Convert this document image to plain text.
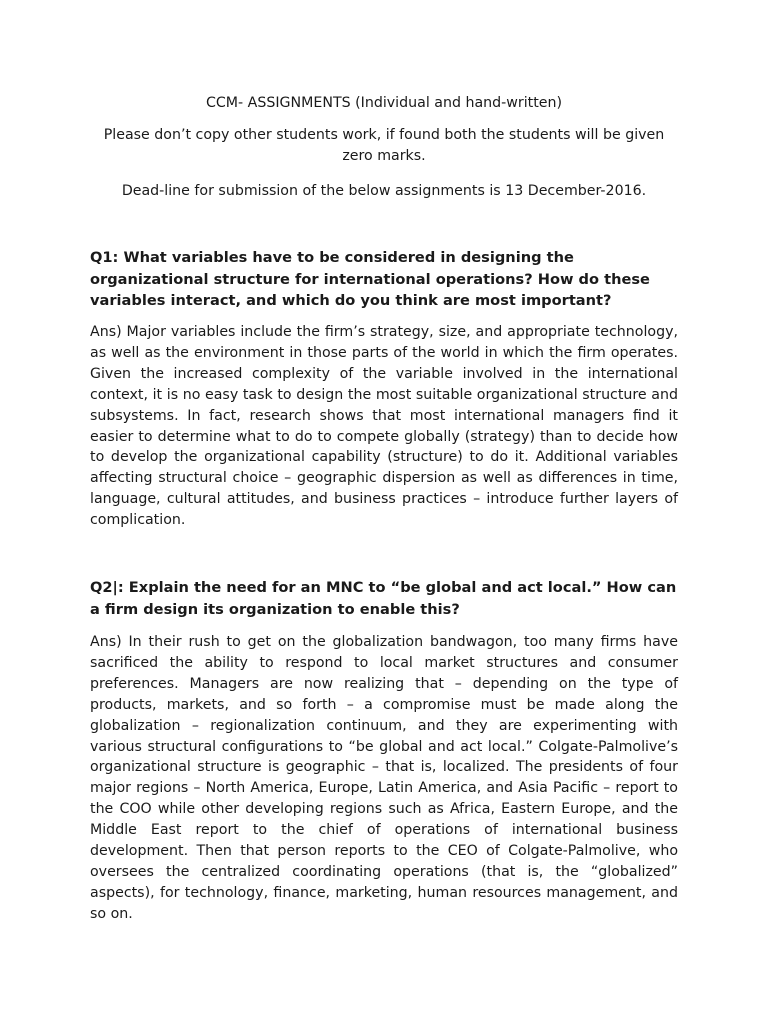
CCM- ASSIGNMENTS (Individual and hand-written)

Please don’t copy other students work, if found both the students will be given zero marks.

Dead-line for submission of the below assignments is 13 December-2016.

Q1: What variables have to be considered in designing the organizational structure for international operations? How do these variables interact, and which do you think are most important?

Ans) Major variables include the firm’s strategy, size, and appropriate technology, as well as the environment in those parts of the world in which the firm operates. Given the increased complexity of the variable involved in the international context, it is no easy task to design the most suitable organizational structure and subsystems. In fact, research shows that most international managers find it easier to determine what to do to compete globally (strategy) than to decide how to develop the organizational capability (structure) to do it. Additional variables affecting structural choice – geographic dispersion as well as differences in time, language, cultural attitudes, and business practices – introduce further layers of complication.

Q2|: Explain the need for an MNC to “be global and act local.” How can a firm design its organization to enable this?

Ans) In their rush to get on the globalization bandwagon, too many firms have sacrificed the ability to respond to local market structures and consumer preferences. Managers are now realizing that – depending on the type of products, markets, and so forth – a compromise must be made along the globalization – regionalization continuum, and they are experimenting with various structural configurations to “be global and act local.” Colgate-Palmolive’s organizational structure is geographic – that is, localized. The presidents of four major regions – North America, Europe, Latin America, and Asia Pacific – report to the COO while other developing regions such as Africa, Eastern Europe, and the Middle East report to the chief of operations of international business development. Then that person reports to the CEO of Colgate-Palmolive, who oversees the centralized coordinating operations (that is, the “globalized” aspects), for technology, finance, marketing, human resources management, and so on.
